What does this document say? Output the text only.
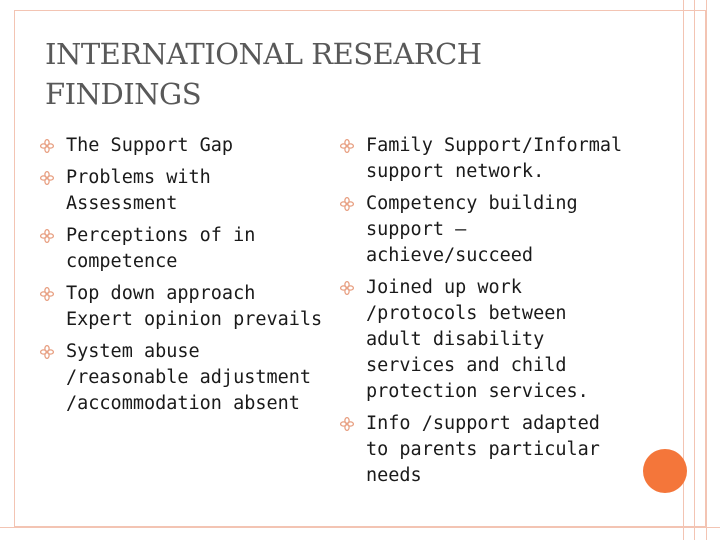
INTERNATIONAL RESEARCH FINDINGS
The Support Gap
Problems with Assessment
Perceptions of in competence
Top down approach Expert opinion prevails
System abuse /reasonable adjustment /accommodation absent
Family Support/Informal support network.
Competency building support – achieve/succeed
Joined up work /protocols between adult disability services and child protection services.
Info /support adapted to parents particular needs
